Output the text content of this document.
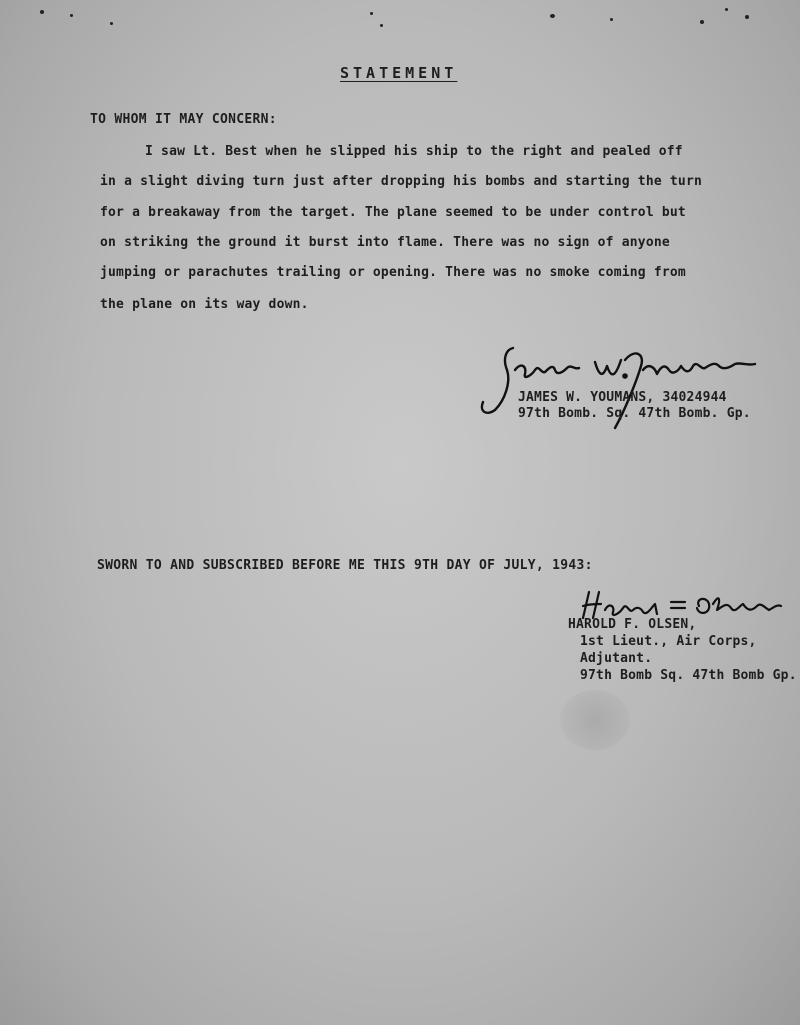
STATEMENT
TO WHOM IT MAY CONCERN:
I saw Lt. Best when he slipped his ship to the right and pealed off
in a slight diving turn just after dropping his bombs and starting the turn
for a breakaway from the target. The plane seemed to be under control but
on striking the ground it burst into flame. There was no sign of anyone
jumping or parachutes trailing or opening. There was no smoke coming from
the plane on its way down.
JAMES W. YOUMANS, 34024944
97th Bomb. Sq. 47th Bomb. Gp.
SWORN TO AND SUBSCRIBED BEFORE ME THIS 9TH DAY OF JULY, 1943:
HAROLD F. OLSEN,
1st Lieut., Air Corps,
Adjutant.
97th Bomb Sq. 47th Bomb Gp.
